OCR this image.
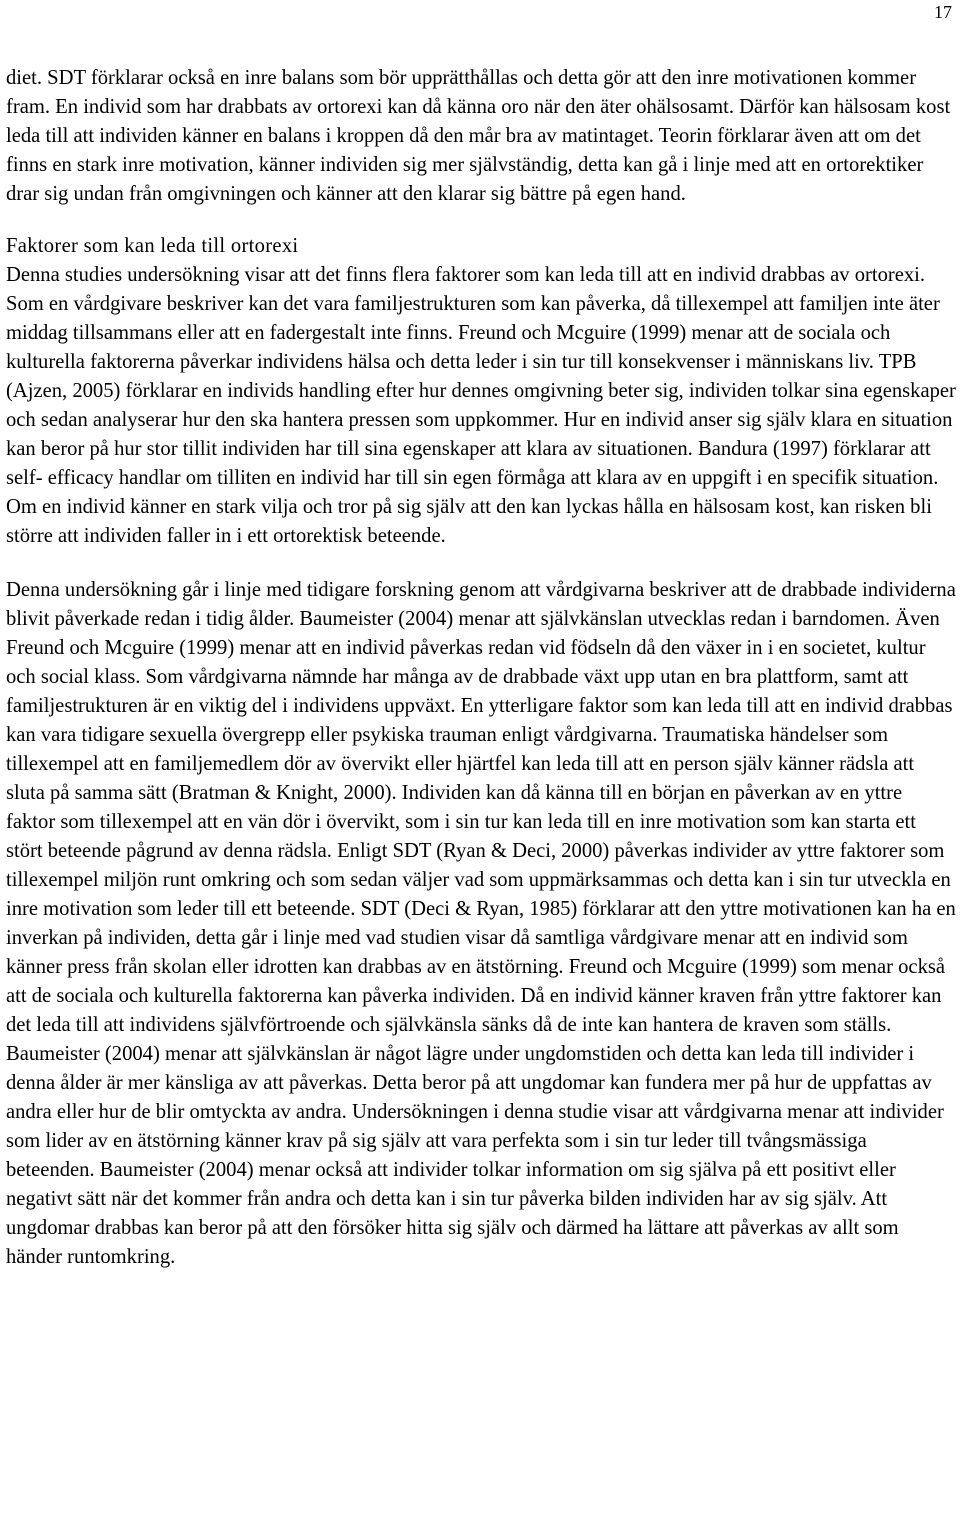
17

diet. SDT förklarar också en inre balans som bör upprätthållas och detta gör att den inre motivationen kommer fram. En individ som har drabbats av ortorexi kan då känna oro när den äter ohälsosamt. Därför kan hälsosam kost leda till att individen känner en balans i kroppen då den mår bra av matintaget. Teorin förklarar även att om det finns en stark inre motivation, känner individen sig mer självständig, detta kan gå i linje med att en ortorektiker drar sig undan från omgivningen och känner att den klarar sig bättre på egen hand.

Faktorer som kan leda till ortorexi

Denna studies undersökning visar att det finns flera faktorer som kan leda till att en individ drabbas av ortorexi. Som en vårdgivare beskriver kan det vara familjestrukturen som kan påverka, då tillexempel att familjen inte äter middag tillsammans eller att en fadergestalt inte finns. Freund och Mcguire (1999) menar att de sociala och kulturella faktorerna påverkar individens hälsa och detta leder i sin tur till konsekvenser i människans liv. TPB (Ajzen, 2005) förklarar en individs handling efter hur dennes omgivning beter sig, individen tolkar sina egenskaper och sedan analyserar hur den ska hantera pressen som uppkommer. Hur en individ anser sig själv klara en situation kan beror på hur stor tillit individen har till sina egenskaper att klara av situationen. Bandura (1997) förklarar att self- efficacy handlar om tilliten en individ har till sin egen förmåga att klara av en uppgift i en specifik situation. Om en individ känner en stark vilja och tror på sig själv att den kan lyckas hålla en hälsosam kost, kan risken bli större att individen faller in i ett ortorektisk beteende.

Denna undersökning går i linje med tidigare forskning genom att vårdgivarna beskriver att de drabbade individerna blivit påverkade redan i tidig ålder. Baumeister (2004) menar att självkänslan utvecklas redan i barndomen. Även Freund och Mcguire (1999) menar att en individ påverkas redan vid födseln då den växer in i en societet, kultur och social klass. Som vårdgivarna nämnde har många av de drabbade växt upp utan en bra plattform, samt att familjestrukturen är en viktig del i individens uppväxt. En ytterligare faktor som kan leda till att en individ drabbas kan vara tidigare sexuella övergrepp eller psykiska trauman enligt vårdgivarna. Traumatiska händelser som tillexempel att en familjemedlem dör av övervikt eller hjärtfel kan leda till att en person själv känner rädsla att sluta på samma sätt (Bratman & Knight, 2000). Individen kan då känna till en början en påverkan av en yttre faktor som tillexempel att en vän dör i övervikt, som i sin tur kan leda till en inre motivation som kan starta ett stört beteende pågrund av denna rädsla. Enligt SDT (Ryan & Deci, 2000) påverkas individer av yttre faktorer som tillexempel miljön runt omkring och som sedan väljer vad som uppmärksammas och detta kan i sin tur utveckla en inre motivation som leder till ett beteende. SDT (Deci & Ryan, 1985) förklarar att den yttre motivationen kan ha en inverkan på individen, detta går i linje med vad studien visar då samtliga vårdgivare menar att en individ som känner press från skolan eller idrotten kan drabbas av en ätstörning. Freund och Mcguire (1999) som menar också att de sociala och kulturella faktorerna kan påverka individen. Då en individ känner kraven från yttre faktorer kan det leda till att individens självförtroende och självkänsla sänks då de inte kan hantera de kraven som ställs. Baumeister (2004) menar att självkänslan är något lägre under ungdomstiden och detta kan leda till individer i denna ålder är mer känsliga av att påverkas. Detta beror på att ungdomar kan fundera mer på hur de uppfattas av andra eller hur de blir omtyckta av andra. Undersökningen i denna studie visar att vårdgivarna menar att individer som lider av en ätstörning känner krav på sig själv att vara perfekta som i sin tur leder till tvångsmässiga beteenden. Baumeister (2004) menar också att individer tolkar information om sig själva på ett positivt eller negativt sätt när det kommer från andra och detta kan i sin tur påverka bilden individen har av sig själv. Att ungdomar drabbas kan beror på att den försöker hitta sig själv och därmed ha lättare att påverkas av allt som händer runtomkring.
